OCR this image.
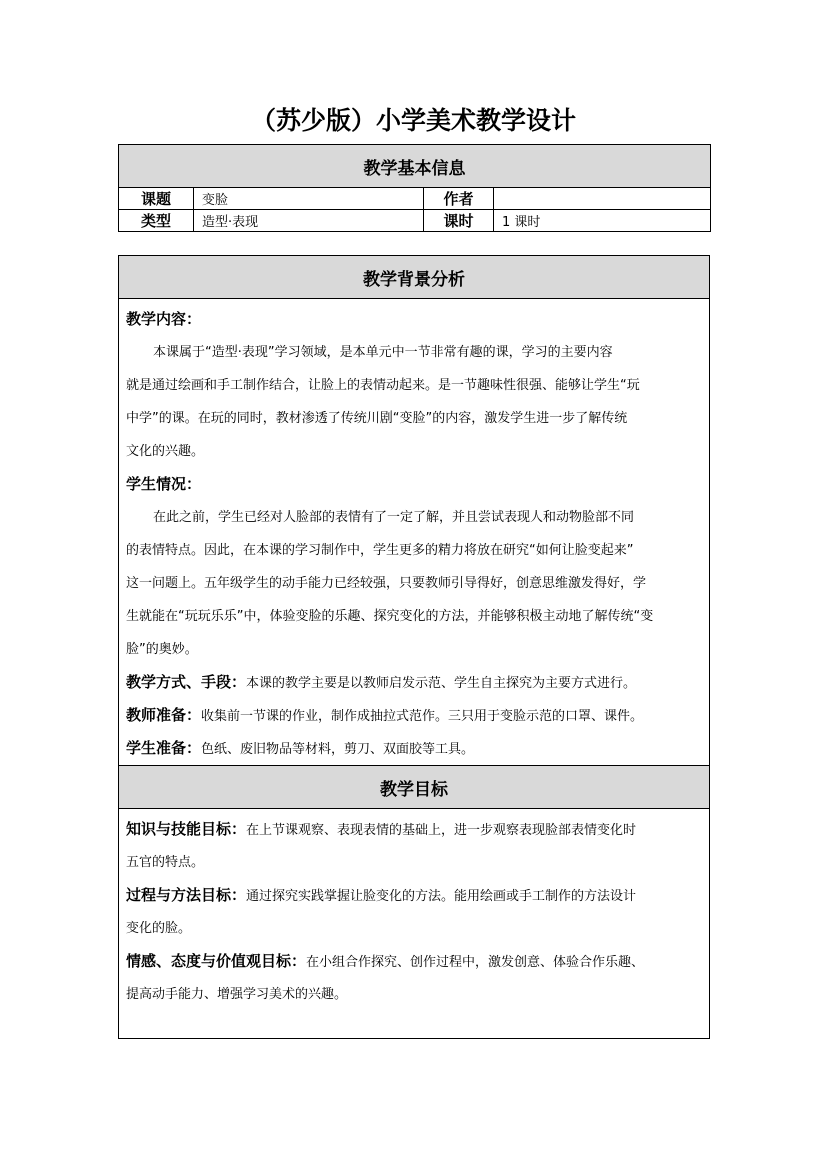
（苏少版）小学美术教学设计
教学基本信息			
课题	变脸	作者	
类型	造型·表现	课时	1 课时
教学背景分析

教学内容：
本课属于“造型·表现”学习领域，是本单元中一节非常有趣的课，学习的主要内容
就是通过绘画和手工制作结合，让脸上的表情动起来。是一节趣味性很强、能够让学生“玩
中学”的课。在玩的同时，教材渗透了传统川剧“变脸”的内容，激发学生进一步了解传统
文化的兴趣。
学生情况：
在此之前，学生已经对人脸部的表情有了一定了解，并且尝试表现人和动物脸部不同
的表情特点。因此，在本课的学习制作中，学生更多的精力将放在研究“如何让脸变起来”
这一问题上。五年级学生的动手能力已经较强，只要教师引导得好，创意思维激发得好，学
生就能在“玩玩乐乐”中，体验变脸的乐趣、探究变化的方法，并能够积极主动地了解传统“变
脸”的奥妙。
教学方式、手段：本课的教学主要是以教师启发示范、学生自主探究为主要方式进行。
教师准备：收集前一节课的作业，制作成抽拉式范作。三只用于变脸示范的口罩、课件。
学生准备：色纸、废旧物品等材料，剪刀、双面胶等工具。

教学目标

知识与技能目标：在上节课观察、表现表情的基础上，进一步观察表现脸部表情变化时
五官的特点。
过程与方法目标：通过探究实践掌握让脸变化的方法。能用绘画或手工制作的方法设计
变化的脸。
情感、态度与价值观目标：在小组合作探究、创作过程中，激发创意、体验合作乐趣、
提高动手能力、增强学习美术的兴趣。
